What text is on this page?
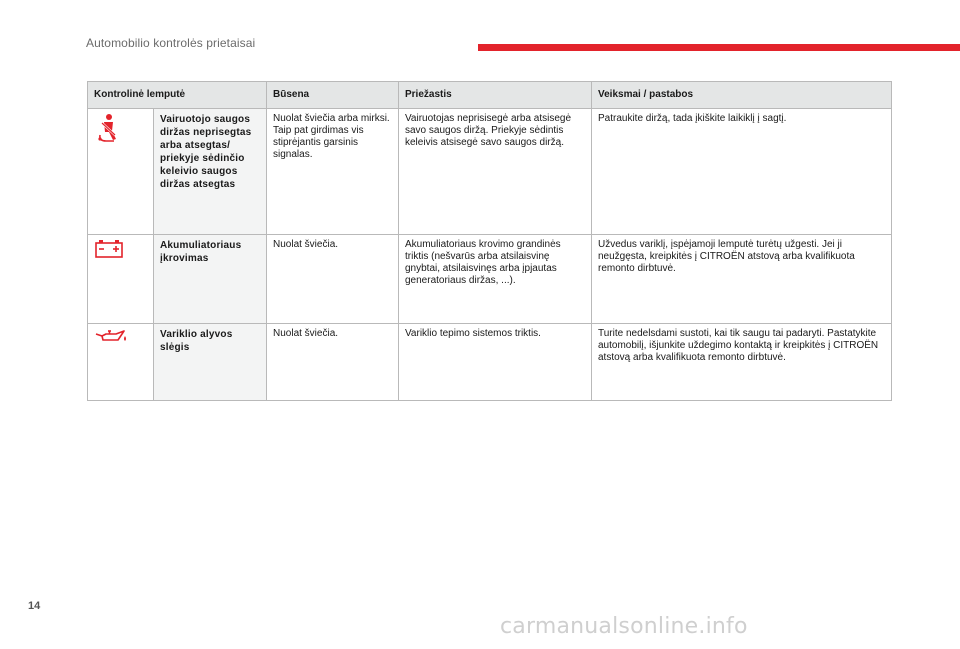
Automobilio kontrolės prietaisai
Kontrolinė lemputė		Būsena	Priežastis	Veiksmai / pastabos
	Vairuotojo saugos diržas neprisegtas arba atsegtas/ priekyje sėdinčio keleivio saugos diržas atsegtas	Nuolat šviečia arba mirksi. Taip pat girdimas vis stiprėjantis garsinis signalas.	Vairuotojas neprisisegė arba atsisegė savo saugos diržą. Priekyje sėdintis keleivis atsisegė savo saugos diržą.	Patraukite diržą, tada įkiškite laikiklį į sagtį.
	Akumuliatoriaus įkrovimas	Nuolat šviečia.	Akumuliatoriaus krovimo grandinės triktis (nešvarūs arba atsilaisvinę gnybtai, atsilaisvinęs arba įpjautas generatoriaus diržas, ...).	Užvedus variklį, įspėjamoji lemputė turėtų užgesti. Jei ji neužgęsta, kreipkitės į CITROËN atstovą arba kvalifikuota remonto dirbtuvė.
	Variklio alyvos slėgis	Nuolat šviečia.	Variklio tepimo sistemos triktis.	Turite nedelsdami sustoti, kai tik saugu tai padaryti. Pastatykite automobilį, išjunkite uždegimo kontaktą ir kreipkitės į CITROËN atstovą arba kvalifikuota remonto dirbtuvė.
14
carmanualsonline.info
